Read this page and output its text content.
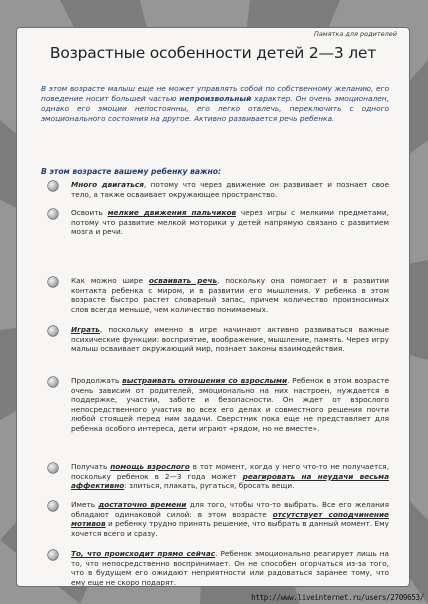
Памятка для родителей
Возрастные особенности детей 2—3 лет
В этом возрасте малыш еще не может управлять собой по собственному желанию, его поведение носит большей частью непроизвольный характер. Он очень эмоционален, однако его эмоции непостоянны, его легко отвлечь, переключить с одного эмоционального состояния на другое. Активно развивается речь ребенка.
В этом возрасте вашему ребенку важно:
Много двигаться, потому что через движение он развивает и познает свое тело, а также осваивает окружающее пространство.
Освоить мелкие движения пальчиков через игры с мелкими предметами, потому что развитие мелкой моторики у детей напрямую связано с развитием мозга и речи.
Как можно шире осваивать речь, поскольку она помогает и в развитии контакта ребенка с миром, и в развитии его мышления. У ребенка в этом возрасте быстро растет словарный запас, причем количество произносимых слов всегда меньше, чем количество понимаемых.
Играть, поскольку именно в игре начинают активно развиваться важные психические функции: восприятие, воображение, мышление, память. Через игру малыш осваивает окружающий мир, познает законы взаимодействия.
Продолжать выстраивать отношения со взрослыми. Ребенок в этом возрасте очень зависим от родителей, эмоционально на них настроен, нуждается в поддержке, участии, заботе и безопасности. Он ждет от взрослого непосредственного участия во всех его делах и совместного решения почти любой стоящей перед ним задачи. Сверстник пока еще не представляет для ребенка особого интереса, дети играют «рядом, но не вместе».
Получать помощь взрослого в тот момент, когда у него что-то не получается, поскольку ребенок в 2—3 года может реагировать на неудачи весьма аффективно: злиться, плакать, ругаться, бросать вещи.
Иметь достаточно времени для того, чтобы что-то выбрать. Все его желания обладают одинаковой силой: в этом возрасте отсутствует соподчинение мотивов и ребенку трудно принять решение, что выбрать в данный момент. Ему хочется всего и сразу.
То, что происходит прямо сейчас. Ребенок эмоционально реагирует лишь на то, что непосредственно воспринимает. Он не способен огорчаться из-за того, что в будущем его ожидают неприятности или радоваться заранее тому, что ему еще не скоро подарят.
http://www.liveinternet.ru/users/2709653/
